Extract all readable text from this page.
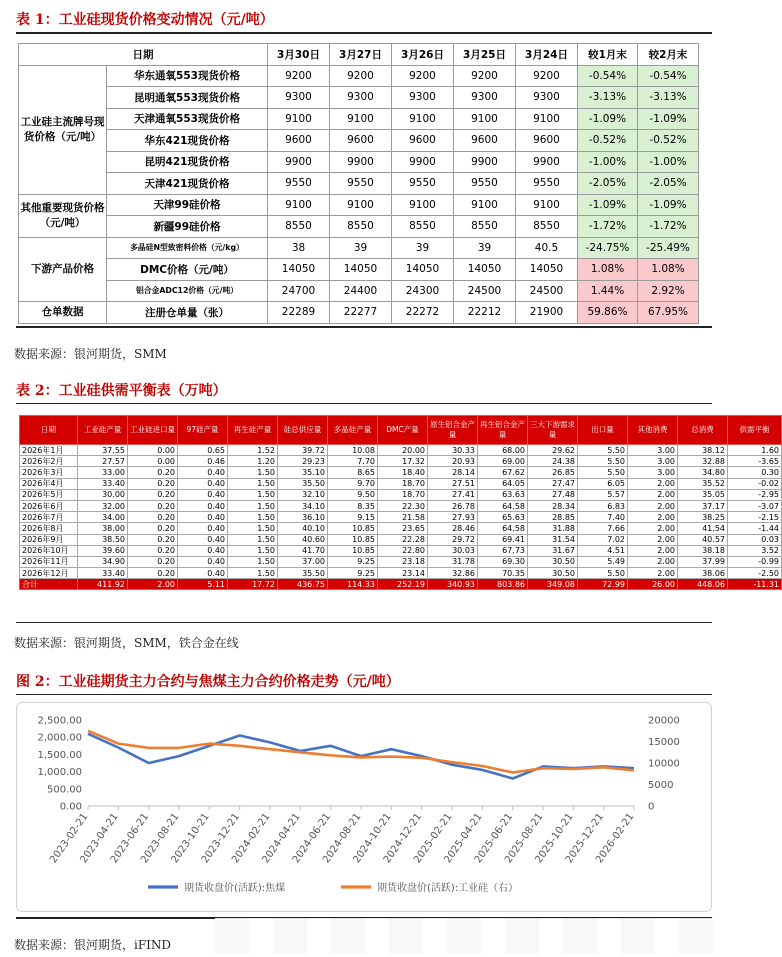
表 1：工业硅现货价格变动情况（元/吨）
日期		3月30日	3月27日	3月26日	3月25日	3月24日	较1月末	较2月末
工业硅主流牌号现货价格（元/吨）	华东通氧553现货价格	9200	9200	9200	9200	9200	-0.54%	-0.54%
	昆明通氧553现货价格	9300	9300	9300	9300	9300	-3.13%	-3.13%
	天津通氧553现货价格	9100	9100	9100	9100	9100	-1.09%	-1.09%
	华东421现货价格	9600	9600	9600	9600	9600	-0.52%	-0.52%
	昆明421现货价格	9900	9900	9900	9900	9900	-1.00%	-1.00%
	天津421现货价格	9550	9550	9550	9550	9550	-2.05%	-2.05%
其他重要现货价格（元/吨）	天津99硅价格	9100	9100	9100	9100	9100	-1.09%	-1.09%
	新疆99硅价格	8550	8550	8550	8550	8550	-1.72%	-1.72%
下游产品价格	多晶硅N型致密料价格（元/kg）	38	39	39	39	40.5	-24.75%	-25.49%
	DMC价格（元/吨）	14050	14050	14050	14050	14050	1.08%	1.08%
	铝合金ADC12价格（元/吨）	24700	24400	24300	24500	24500	1.44%	2.92%
仓单数据	注册仓单量（张）	22289	22277	22272	22212	21900	59.86%	67.95%
数据来源：银河期货，SMM
表 2：工业硅供需平衡表（万吨）
日期	工业硅产量	工业硅进口量	97硅产量	再生硅产量	硅总供应量	多晶硅产量	DMC产量	原生铝合金产量	再生铝合金产量	三大下游需求量	出口量	其他消费	总消费	供需平衡
2026年1月	37.55	0.00	0.65	1.52	39.72	10.08	20.00	30.33	68.00	29.62	5.50	3.00	38.12	1.60
2026年2月	27.57	0.00	0.46	1.20	29.23	7.70	17.32	20.93	69.00	24.38	5.50	3.00	32.88	-3.65
2026年3月	33.00	0.20	0.40	1.50	35.10	8.65	18.40	28.14	67.62	26.85	5.50	3.00	34.80	0.30
2026年4月	33.40	0.20	0.40	1.50	35.50	9.70	18.70	27.51	64.05	27.47	6.05	2.00	35.52	-0.02
2026年5月	30.00	0.20	0.40	1.50	32.10	9.50	18.70	27.41	63.63	27.48	5.57	2.00	35.05	-2.95
2026年6月	32.00	0.20	0.40	1.50	34.10	8.35	22.30	26.78	64.58	28.34	6.83	2.00	37.17	-3.07
2026年7月	34.00	0.20	0.40	1.50	36.10	9.15	21.58	27.93	65.63	28.85	7.40	2.00	38.25	-2.15
2026年8月	38.00	0.20	0.40	1.50	40.10	10.85	23.65	28.46	64.58	31.88	7.66	2.00	41.54	-1.44
2026年9月	38.50	0.20	0.40	1.50	40.60	10.85	22.28	29.72	69.41	31.54	7.02	2.00	40.57	0.03
2026年10月	39.60	0.20	0.40	1.50	41.70	10.85	22.80	30.03	67.73	31.67	4.51	2.00	38.18	3.52
2026年11月	34.90	0.20	0.40	1.50	37.00	9.25	23.18	31.78	69.30	30.50	5.49	2.00	37.99	-0.99
2026年12月	33.40	0.20	0.40	1.50	35.50	9.25	23.14	32.86	70.35	30.50	5.50	2.00	38.06	-2.50
合计	411.92	2.00	5.11	17.72	436.75	114.33	252.19	340.93	803.86	349.08	72.99	26.00	448.06	-11.31
数据来源：银河期货，SMM，铁合金在线
图 2：工业硅期货主力合约与焦煤主力合约价格走势（元/吨）
2,500.00
2,000.00
1,500.00
1,000.00
500.00
0.00
20000
15000
10000
5000
0
2023-02-21
2023-04-21
2023-06-21
2023-08-21
2023-10-21
2023-12-21
2024-02-21
2024-04-21
2024-06-21
2024-08-21
2024-10-21
2024-12-21
2025-02-21
2025-04-21
2025-06-21
2025-08-21
2025-10-21
2025-12-21
2026-02-21
期货收盘价(活跃):焦煤	期货收盘价(活跃):工业硅（右）
数据来源：银河期货，iFIND
